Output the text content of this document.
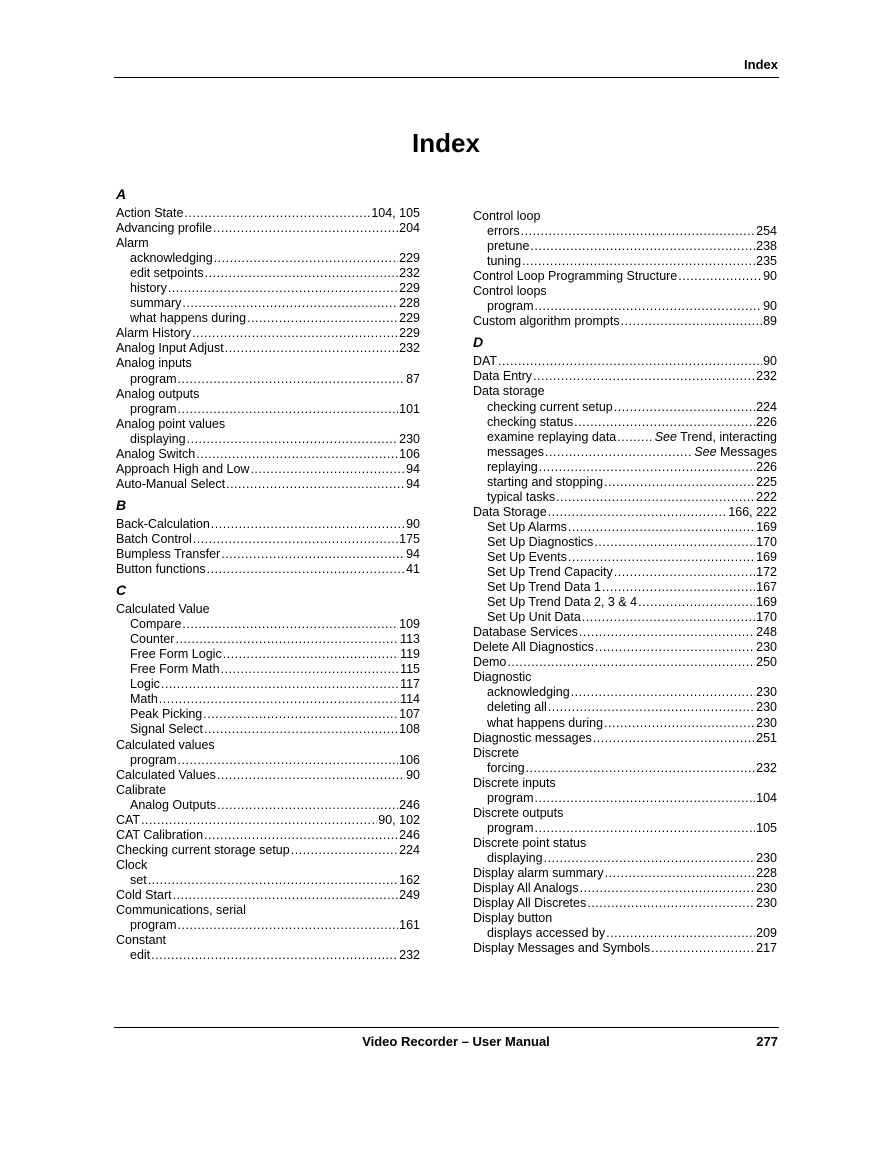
Index
Index
A
Action State .....	104, 105
Advancing profile .....	204
Alarm
acknowledging .....	229
edit setpoints .....	232
history .....	229
summary .....	228
what happens during .....	229
Alarm History .....	229
Analog Input Adjust .....	232
Analog inputs
program .....	87
Analog outputs
program .....	101
Analog point values
displaying .....	230
Analog Switch .....	106
Approach High and Low .....	94
Auto-Manual Select .....	94
B
Back-Calculation .....	90
Batch Control .....	175
Bumpless Transfer .....	94
Button functions .....	41
C
Calculated Value
Compare .....	109
Counter .....	113
Free Form Logic .....	119
Free Form Math .....	115
Logic .....	117
Math .....	114
Peak Picking .....	107
Signal Select .....	108
Calculated values
program .....	106
Calculated Values .....	90
Calibrate
Analog Outputs .....	246
CAT .....	90, 102
CAT Calibration .....	246
Checking current storage setup .....	224
Clock
set .....	162
Cold Start .....	249
Communications, serial
program .....	161
Constant
edit .....	232
Control loop
errors .....	254
pretune .....	238
tuning .....	235
Control Loop Programming Structure .....	90
Control loops
program .....	90
Custom algorithm prompts .....	89
D
DAT .....	90
Data Entry .....	232
Data storage
checking current setup .....	224
checking status .....	226
examine replaying data .....	See Trend, interacting
messages .....	See Messages
replaying .....	226
starting and stopping .....	225
typical tasks .....	222
Data Storage .....	166, 222
Set Up Alarms .....	169
Set Up Diagnostics .....	170
Set Up Events .....	169
Set Up Trend Capacity .....	172
Set Up Trend Data 1 .....	167
Set Up Trend Data 2, 3 & 4 .....	169
Set Up Unit Data .....	170
Database Services .....	248
Delete All Diagnostics .....	230
Demo .....	250
Diagnostic
acknowledging .....	230
deleting all .....	230
what happens during .....	230
Diagnostic messages .....	251
Discrete
forcing .....	232
Discrete inputs
program .....	104
Discrete outputs
program .....	105
Discrete point status
displaying .....	230
Display alarm summary .....	228
Display All Analogs .....	230
Display All Discretes .....	230
Display button
displays accessed by .....	209
Display Messages and Symbols .....	217
Video Recorder – User Manual	277
